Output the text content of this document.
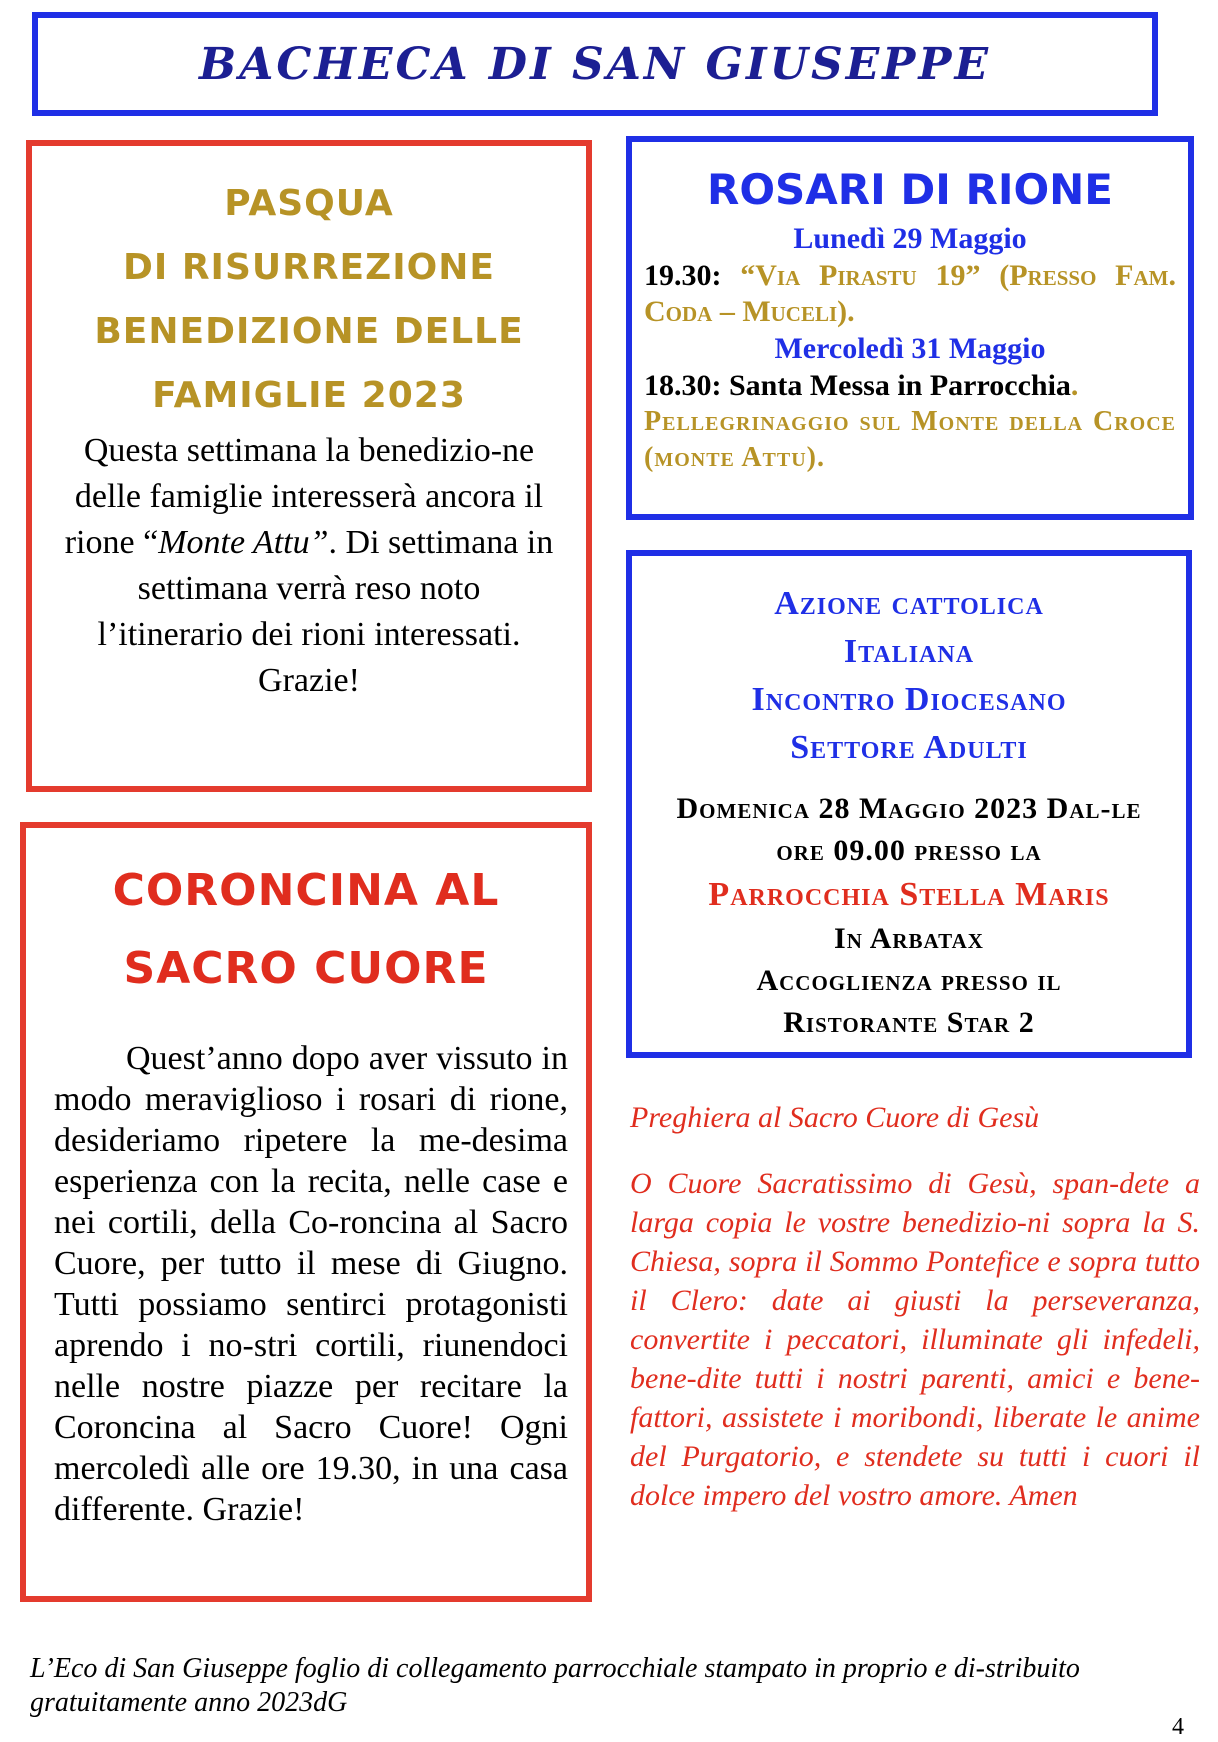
BACHECA DI SAN GIUSEPPE
PASQUA
DI RISURREZIONE
BENEDIZIONE DELLE
FAMIGLIE 2023
Questa settimana la benedizio-ne delle famiglie interesserà ancora il rione “Monte Attu”. Di settimana in settimana verrà reso noto l’itinerario dei rioni interessati.
Grazie!
CORONCINA AL
SACRO CUORE
Quest’anno dopo aver vissuto in modo meraviglioso i rosari di rione, desideriamo ripetere la me-desima esperienza con la recita, nelle case e nei cortili, della Co-roncina al Sacro Cuore, per tutto il mese di Giugno. Tutti possiamo sentirci protagonisti aprendo i no-stri cortili, riunendoci nelle nostre piazze per recitare la Coroncina al Sacro Cuore! Ogni mercoledì alle ore 19.30, in una casa differente. Grazie!
ROSARI DI RIONE
Lunedì 29 Maggio
19.30: “Via Pirastu 19” (Presso Fam. Coda – Muceli).
Mercoledì 31 Maggio
18.30: Santa Messa in Parrocchia.
Pellegrinaggio sul Monte della Croce (monte Attu).
Azione cattolica
Italiana
Incontro Diocesano
Settore Adulti
Domenica 28 Maggio 2023 Dal-le ore 09.00 presso la
Parrocchia Stella Maris
In Arbatax
Accoglienza presso il
Ristorante Star 2
Preghiera al Sacro Cuore di Gesù
O Cuore Sacratissimo di Gesù, span-dete a larga copia le vostre benedizio-ni sopra la S. Chiesa, sopra il Sommo Pontefice e sopra tutto il Clero: date ai giusti la perseveranza, convertite i peccatori, illuminate gli infedeli, bene-dite tutti i nostri parenti, amici e bene-fattori, assistete i moribondi, liberate le anime del Purgatorio, e stendete su tutti i cuori il dolce impero del vostro amore. Amen
L’Eco di San Giuseppe foglio di collegamento parrocchiale stampato in proprio e di-stribuito gratuitamente anno 2023dG
4
